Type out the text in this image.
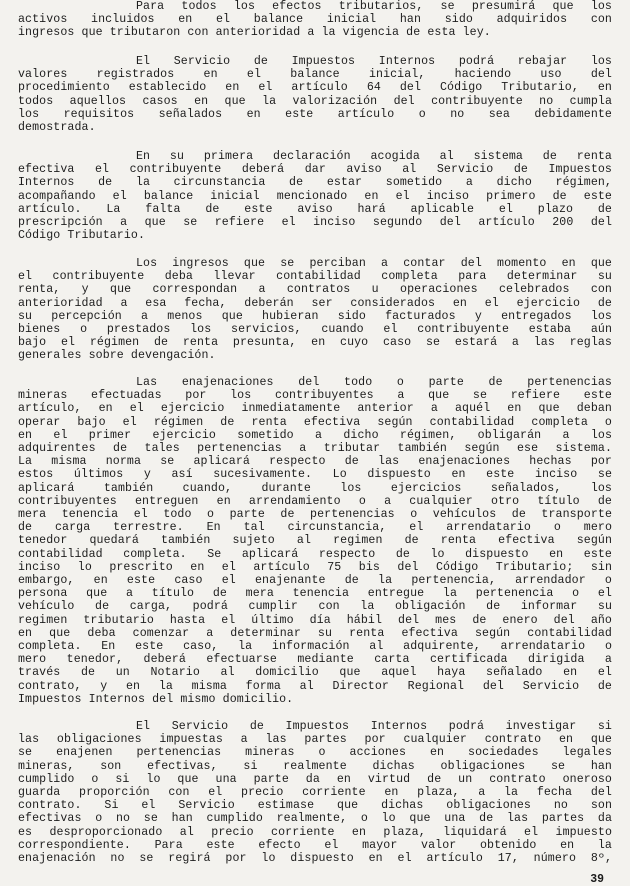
Para todos los efectos tributarios, se presumirá que los
activos incluidos en el balance inicial han sido adquiridos con
ingresos que tributaron con anterioridad a la vigencia de esta ley.
El Servicio de Impuestos Internos podrá rebajar los
valores registrados en el balance inicial, haciendo uso del
procedimiento establecido en el artículo 64 del Código Tributario, en
todos aquellos casos en que la valorización del contribuyente no cumpla
los requisitos señalados en este artículo o no sea debidamente
demostrada.
En su primera declaración acogida al sistema de renta
efectiva el contribuyente deberá dar aviso al Servicio de Impuestos
Internos de la circunstancia de estar sometido a dicho régimen,
acompañando el balance inicial mencionado en el inciso primero de este
artículo. La falta de este aviso hará aplicable el plazo de
prescripción a que se refiere el inciso segundo del artículo 200 del
Código Tributario.
Los ingresos que se perciban a contar del momento en que
el contribuyente deba llevar contabilidad completa para determinar su
renta, y que correspondan a contratos u operaciones celebrados con
anterioridad a esa fecha, deberán ser considerados en el ejercicio de
su percepción a menos que hubieran sido facturados y entregados los
bienes o prestados los servicios, cuando el contribuyente estaba aún
bajo el régimen de renta presunta, en cuyo caso se estará a las reglas
generales sobre devengación.
Las enajenaciones del todo o parte de pertenencias
mineras efectuadas por los contribuyentes a que se refiere este
artículo, en el ejercicio inmediatamente anterior a aquél en que deban
operar bajo el régimen de renta efectiva según contabilidad completa o
en el primer ejercicio sometido a dicho régimen, obligarán a los
adquirentes de tales pertenencias a tributar también según ese sistema.
La misma norma se aplicará respecto de las enajenaciones hechas por
estos últimos y así sucesivamente. Lo dispuesto en este inciso se
aplicará también cuando, durante los ejercicios señalados, los
contribuyentes entreguen en arrendamiento o a cualquier otro título de
mera tenencia el todo o parte de pertenencias o vehículos de transporte
de carga terrestre. En tal circunstancia, el arrendatario o mero
tenedor quedará también sujeto al regimen de renta efectiva según
contabilidad completa. Se aplicará respecto de lo dispuesto en este
inciso lo prescrito en el artículo 75 bis del Código Tributario; sin
embargo, en este caso el enajenante de la pertenencia, arrendador o
persona que a título de mera tenencia entregue la pertenencia o el
vehículo de carga, podrá cumplir con la obligación de informar su
regimen tributario hasta el último día hábil del mes de enero del año
en que deba comenzar a determinar su renta efectiva según contabilidad
completa. En este caso, la información al adquirente, arrendatario o
mero tenedor, deberá efectuarse mediante carta certificada dirigida a
través de un Notario al domicilio que aquel haya señalado en el
contrato, y en la misma forma al Director Regional del Servicio de
Impuestos Internos del mismo domicilio.
El Servicio de Impuestos Internos podrá investigar si
las obligaciones impuestas a las partes por cualquier contrato en que
se enajenen pertenencias mineras o acciones en sociedades legales
mineras, son efectivas, si realmente dichas obligaciones se han
cumplido o si lo que una parte da en virtud de un contrato oneroso
guarda proporción con el precio corriente en plaza, a la fecha del
contrato. Si el Servicio estimase que dichas obligaciones no son
efectivas o no se han cumplido realmente, o lo que una de las partes da
es desproporcionado al precio corriente en plaza, liquidará el impuesto
correspondiente. Para este efecto el mayor valor obtenido en la
enajenación no se regirá por lo dispuesto en el artículo 17, número 8º,
39
